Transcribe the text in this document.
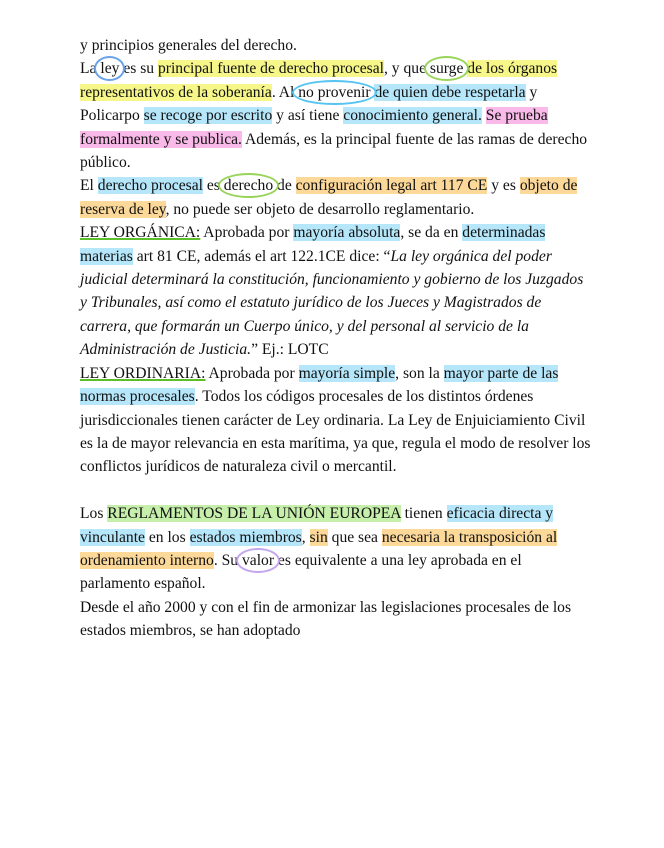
y principios generales del derecho.
La ley es su principal fuente de derecho procesal, y que surge de los órganos representativos de la soberanía. Al no provenir de quien debe respetarla y Policarpo se recoge por escrito y así tiene conocimiento general. Se prueba formalmente y se publica. Además, es la principal fuente de las ramas de derecho público.

El derecho procesal es derecho de configuración legal art 117 CE y es objeto de reserva de ley, no puede ser objeto de desarrollo reglamentario.

LEY ORGÁNICA: Aprobada por mayoría absoluta, se da en determinadas materias art 81 CE, además el art 122.1CE dice: “La ley orgánica del poder judicial determinará la constitución, funcionamiento y gobierno de los Juzgados y Tribunales, así como el estatuto jurídico de los Jueces y Magistrados de carrera, que formarán un Cuerpo único, y del personal al servicio de la Administración de Justicia.” Ej.: LOTC

LEY ORDINARIA: Aprobada por mayoría simple, son la mayor parte de las normas procesales. Todos los códigos procesales de los distintos órdenes jurisdiccionales tienen carácter de Ley ordinaria. La Ley de Enjuiciamiento Civil es la de mayor relevancia en esta marítima, ya que, regula el modo de resolver los conflictos jurídicos de naturaleza civil o mercantil.

Los REGLAMENTOS DE LA UNIÓN EUROPEA tienen eficacia directa y vinculante en los estados miembros, sin que sea necesaria la transposición al ordenamiento interno. Su valor es equivalente a una ley aprobada en el parlamento español.

Desde el año 2000 y con el fin de armonizar las legislaciones procesales de los estados miembros, se han adoptado
